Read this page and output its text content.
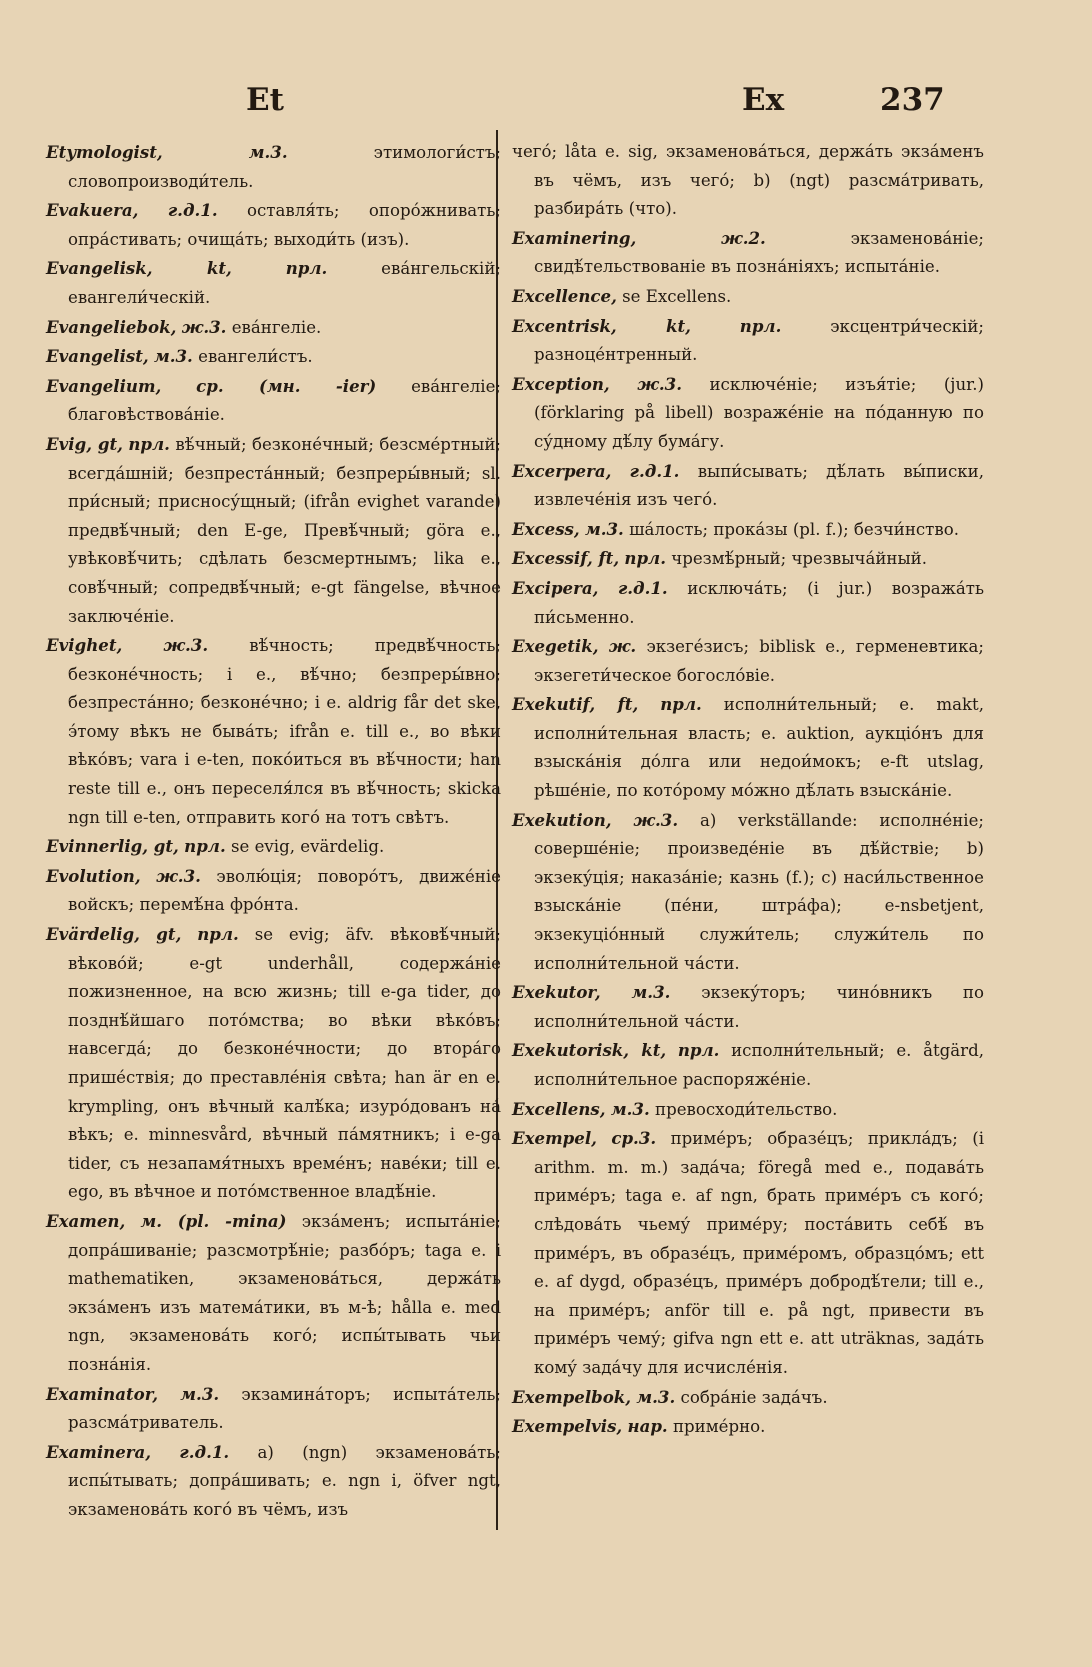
Et	Ex	237

Etymologist,	м.3.	этимологи́стъ; словопроизводи́тель.

Evakuera, г.д.1. оставля́ть; опоро́жнивать; опра́стивать; очища́ть; выходи́ть (изъ).

Evangelisk, kt,	прл.	ева́нгельскій; евангели́ческій.

Evangeliebok, ж.3. ева́нгеліе.

Evangelist, м.3. евангели́стъ.

Evangelium, ср. (мн. -ier) ева́нгеліе; благовѣствова́ніе.

Evig, gt, прл. вѣ́чный; безконе́чный; безсме́ртный; всегда́шній; безпреста́нный; безпреры́вный; sl. при́сный; присносу́щный; (ifrån evighet varande) предвѣ́чный; den E-ge, Превѣ́чный; göra e., увѣковѣ́чить; сдѣлать безсмертнымъ; lika e., совѣ́чный; сопредвѣ́чный; e-gt fängelse, вѣчное заключе́ніе.

Evighet, ж.3. вѣ́чность; предвѣ́чность; безконе́чность; i e., вѣ́чно; безпреры́вно; безпреста́нно; безконе́чно; i e. aldrig får det ske, э́тому вѣкъ не быва́ть; ifrån e. till e., во вѣки вѣко́въ; vara i e-ten, поко́иться въ вѣ́чности; han reste till e., онъ переселя́лся въ вѣ́чность; skicka ngn till e-ten, отправить кого́ на тотъ свѣтъ.

Evinnerlig, gt, прл. se evig, evärdelig.

Evolution, ж.3. эволю́ція; поворо́тъ, движе́ніе войскъ; перемѣ́на фро́нта.

Evärdelig, gt, прл. se evig; äfv. вѣковѣ́чный; вѣково́й; e-gt underhåll, содержа́ніе пожизненное, на всю жизнь; till e-ga tider, до позднѣ́йшаго пото́мства; во вѣки вѣко́въ; навсегда́; до безконе́чности; до втора́го прише́ствія; до преставле́нія свѣта; han är en e. krympling, онъ вѣчный калѣ́ка; изуро́дованъ на́ вѣкъ; e. minnesvård, вѣчный па́мятникъ; i e-ga tider, съ незапамя́тныхъ време́нъ; наве́ки; till e. ego, въ вѣчное и пото́мственное владѣ́ніе.

Examen, м. (pl. -mina) экза́менъ; испыта́ніе; допра́шиваніе; разсмотрѣ́ніе; разбо́ръ; taga e. i mathematiken, экзаменова́ться, держа́ть экза́менъ изъ матема́тики, въ м-ѣ; hålla e. med ngn, экзаменова́ть кого́; испы́тывать чьи позна́нія.

Examinator, м.3. экзамина́торъ; испыта́тель; разсма́триватель.

Examinera, г.д.1. a) (ngn) экзаменова́ть; испы́тывать; допра́шивать; e. ngn i, öfver ngt, экзаменова́ть кого́ въ чёмъ, изъ

чего́; låta e. sig, экзаменова́ться, держа́ть экза́менъ въ чёмъ, изъ чего́; b) (ngt) разсма́тривать, разбира́ть (что).

Examinering,	ж.2.	экзаменова́ніе; свидѣ́тельствованіе въ позна́ніяхъ; испыта́ніе.

Excellence, se Excellens.

Excentrisk, kt,	прл.	эксцентри́ческій; разноце́нтренный.

Exception, ж.3. исключе́ніе; изъя́тіе; (jur.) (förklaring på libell) возраже́ніе на по́данную по су́дному дѣ́лу бума́гу.

Excerpera, г.д.1. выпи́сывать; дѣ́лать вы́писки, извлече́нія изъ чего́.

Excess, м.3. ша́лость; прока́зы (pl. f.); безчи́нство.

Excessif, ft, прл. чрезмѣ́рный; чрезвыча́йный.

Excipera, г.д.1. исключа́ть; (i jur.) возража́ть пи́сьменно.

Exegetik, ж. экзеге́зисъ; biblisk e., герменевтика; экзегети́ческое богосло́віе.

Exekutif, ft, прл. исполни́тельный; e. makt, исполни́тельная власть; e. auktion, аукціо́нъ для взыска́нія до́лга или недои́мокъ; e-ft utslag, рѣше́ніе, по кото́рому мо́жно дѣ́лать взыска́ніе.

Exekution, ж.3. a) verkställande: исполне́ніе; соверше́ніе; произведе́ніе въ дѣ́йствіе; b) экзеку́ція; наказа́ніе; казнь (f.); c) наси́льственное взыска́ніе (пе́ни, штра́фа); e-nsbetjent, экзекуціо́нный служи́тель; служи́тель по исполни́тельной ча́сти.

Exekutor, м.3. экзеку́торъ; чино́вникъ по исполни́тельной ча́сти.

Exekutorisk, kt, прл. исполни́тельный; e. åtgärd, исполни́тельное распоряже́ніе.

Excellens, м.3. превосходи́тельство.

Exempel, ср.3. приме́ръ; образе́цъ; прикла́дъ; (i arithm. m. m.) зада́ча; föregå med e., подава́ть приме́ръ; taga e. af ngn, брать приме́ръ съ кого́; слѣдова́ть чьему́ приме́ру; поста́вить себѣ́ въ приме́ръ, въ образе́цъ, приме́ромъ, образцо́мъ; ett e. af dygd, образе́цъ, приме́ръ добродѣ́тели; till e., на приме́ръ; anför till e. på ngt, привести въ приме́ръ чему́; gifva ngn ett e. att uträknas, зада́ть кому́ зада́чу для исчисле́нія.

Exempelbok, м.3. собра́ніе зада́чъ.

Exempelvis, нар. приме́рно.
